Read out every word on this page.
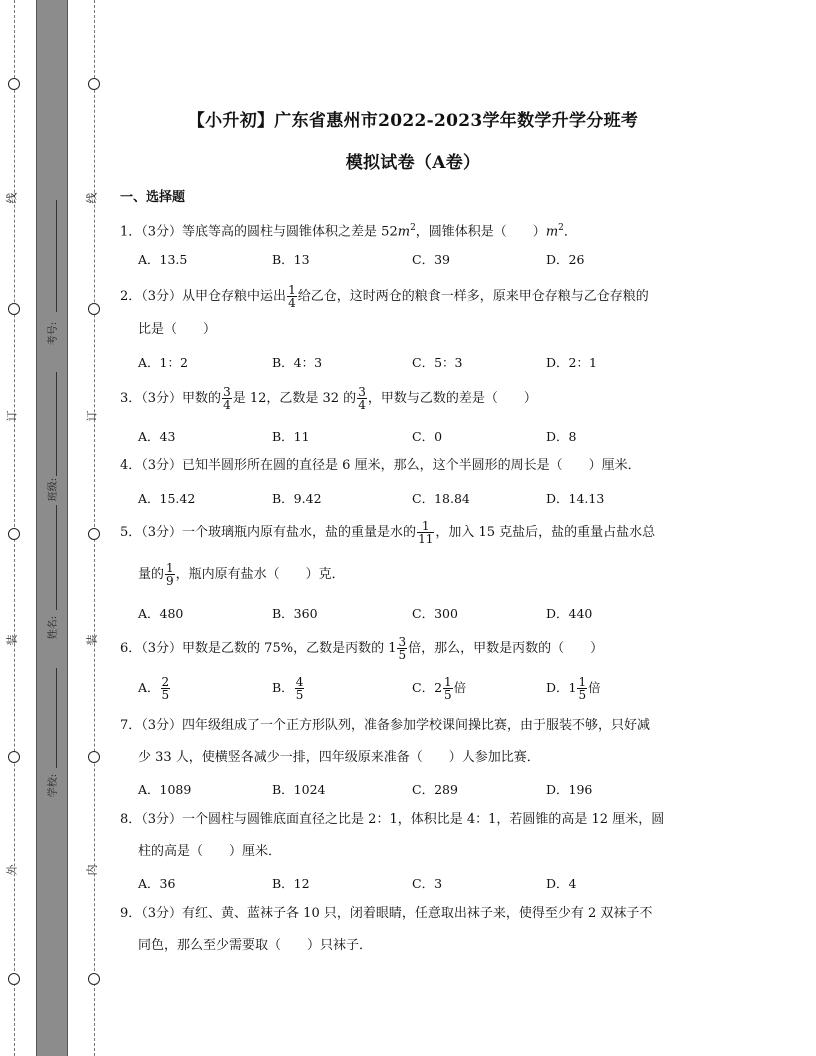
线
订
装
外
线
订
装
内
考号:
班级:
姓名:
学校:
【小升初】广东省惠州市2022-2023学年数学升学分班考
模拟试卷（A卷）
一、选择题
1．（3分）等底等高的圆柱与圆锥体积之差是 $52m^2$，圆锥体积是（　　）$m^2$．
A．13.5	B．13	C．39	D．26
2．（3分）从甲仓存粮中运出 $\frac{1}{4}$ 给乙仓，这时两仓的粮食一样多，原来甲仓存粮与乙仓存粮的
比是（　　）
A．1：2	B．4：3	C．5：3	D．2：1
3．（3分）甲数的 $\frac{3}{4}$ 是 12，乙数是 32 的 $\frac{3}{4}$ ，甲数与乙数的差是（　　）
A．43	B．11	C．0	D．8
4．（3分）已知半圆形所在圆的直径是 6 厘米，那么，这个半圆形的周长是（　　）厘米．
A．15.42	B．9.42	C．18.84	D．14.13
5．（3分）一个玻璃瓶内原有盐水，盐的重量是水的 $\frac{1}{11}$ ，加入 15 克盐后，盐的重量占盐水总
量的 $\frac{1}{9}$ ，瓶内原有盐水（　　）克．
A．480	B．360	C．300	D．440
6．（3分）甲数是乙数的 75%，乙数是丙数的 $1 \frac{3}{5}$ 倍，那么，甲数是丙数的（　　）
A． $\frac{2}{5}$	B． $\frac{4}{5}$	C．$2 \frac{1}{5}$ 倍	D．$1 \frac{1}{5}$ 倍
7．（3分）四年级组成了一个正方形队列，准备参加学校课间操比赛，由于服装不够，只好减
少 33 人，使横竖各减少一排，四年级原来准备（　　）人参加比赛．
A．1089	B．1024	C．289	D．196
8．（3分）一个圆柱与圆锥底面直径之比是 2：1，体积比是 4：1，若圆锥的高是 12 厘米，圆
柱的高是（　　）厘米．
A．36	B．12	C．3	D．4
9．（3分）有红、黄、蓝袜子各 10 只，闭着眼睛，任意取出袜子来，使得至少有 2 双袜子不
同色，那么至少需要取（　　）只袜子．
